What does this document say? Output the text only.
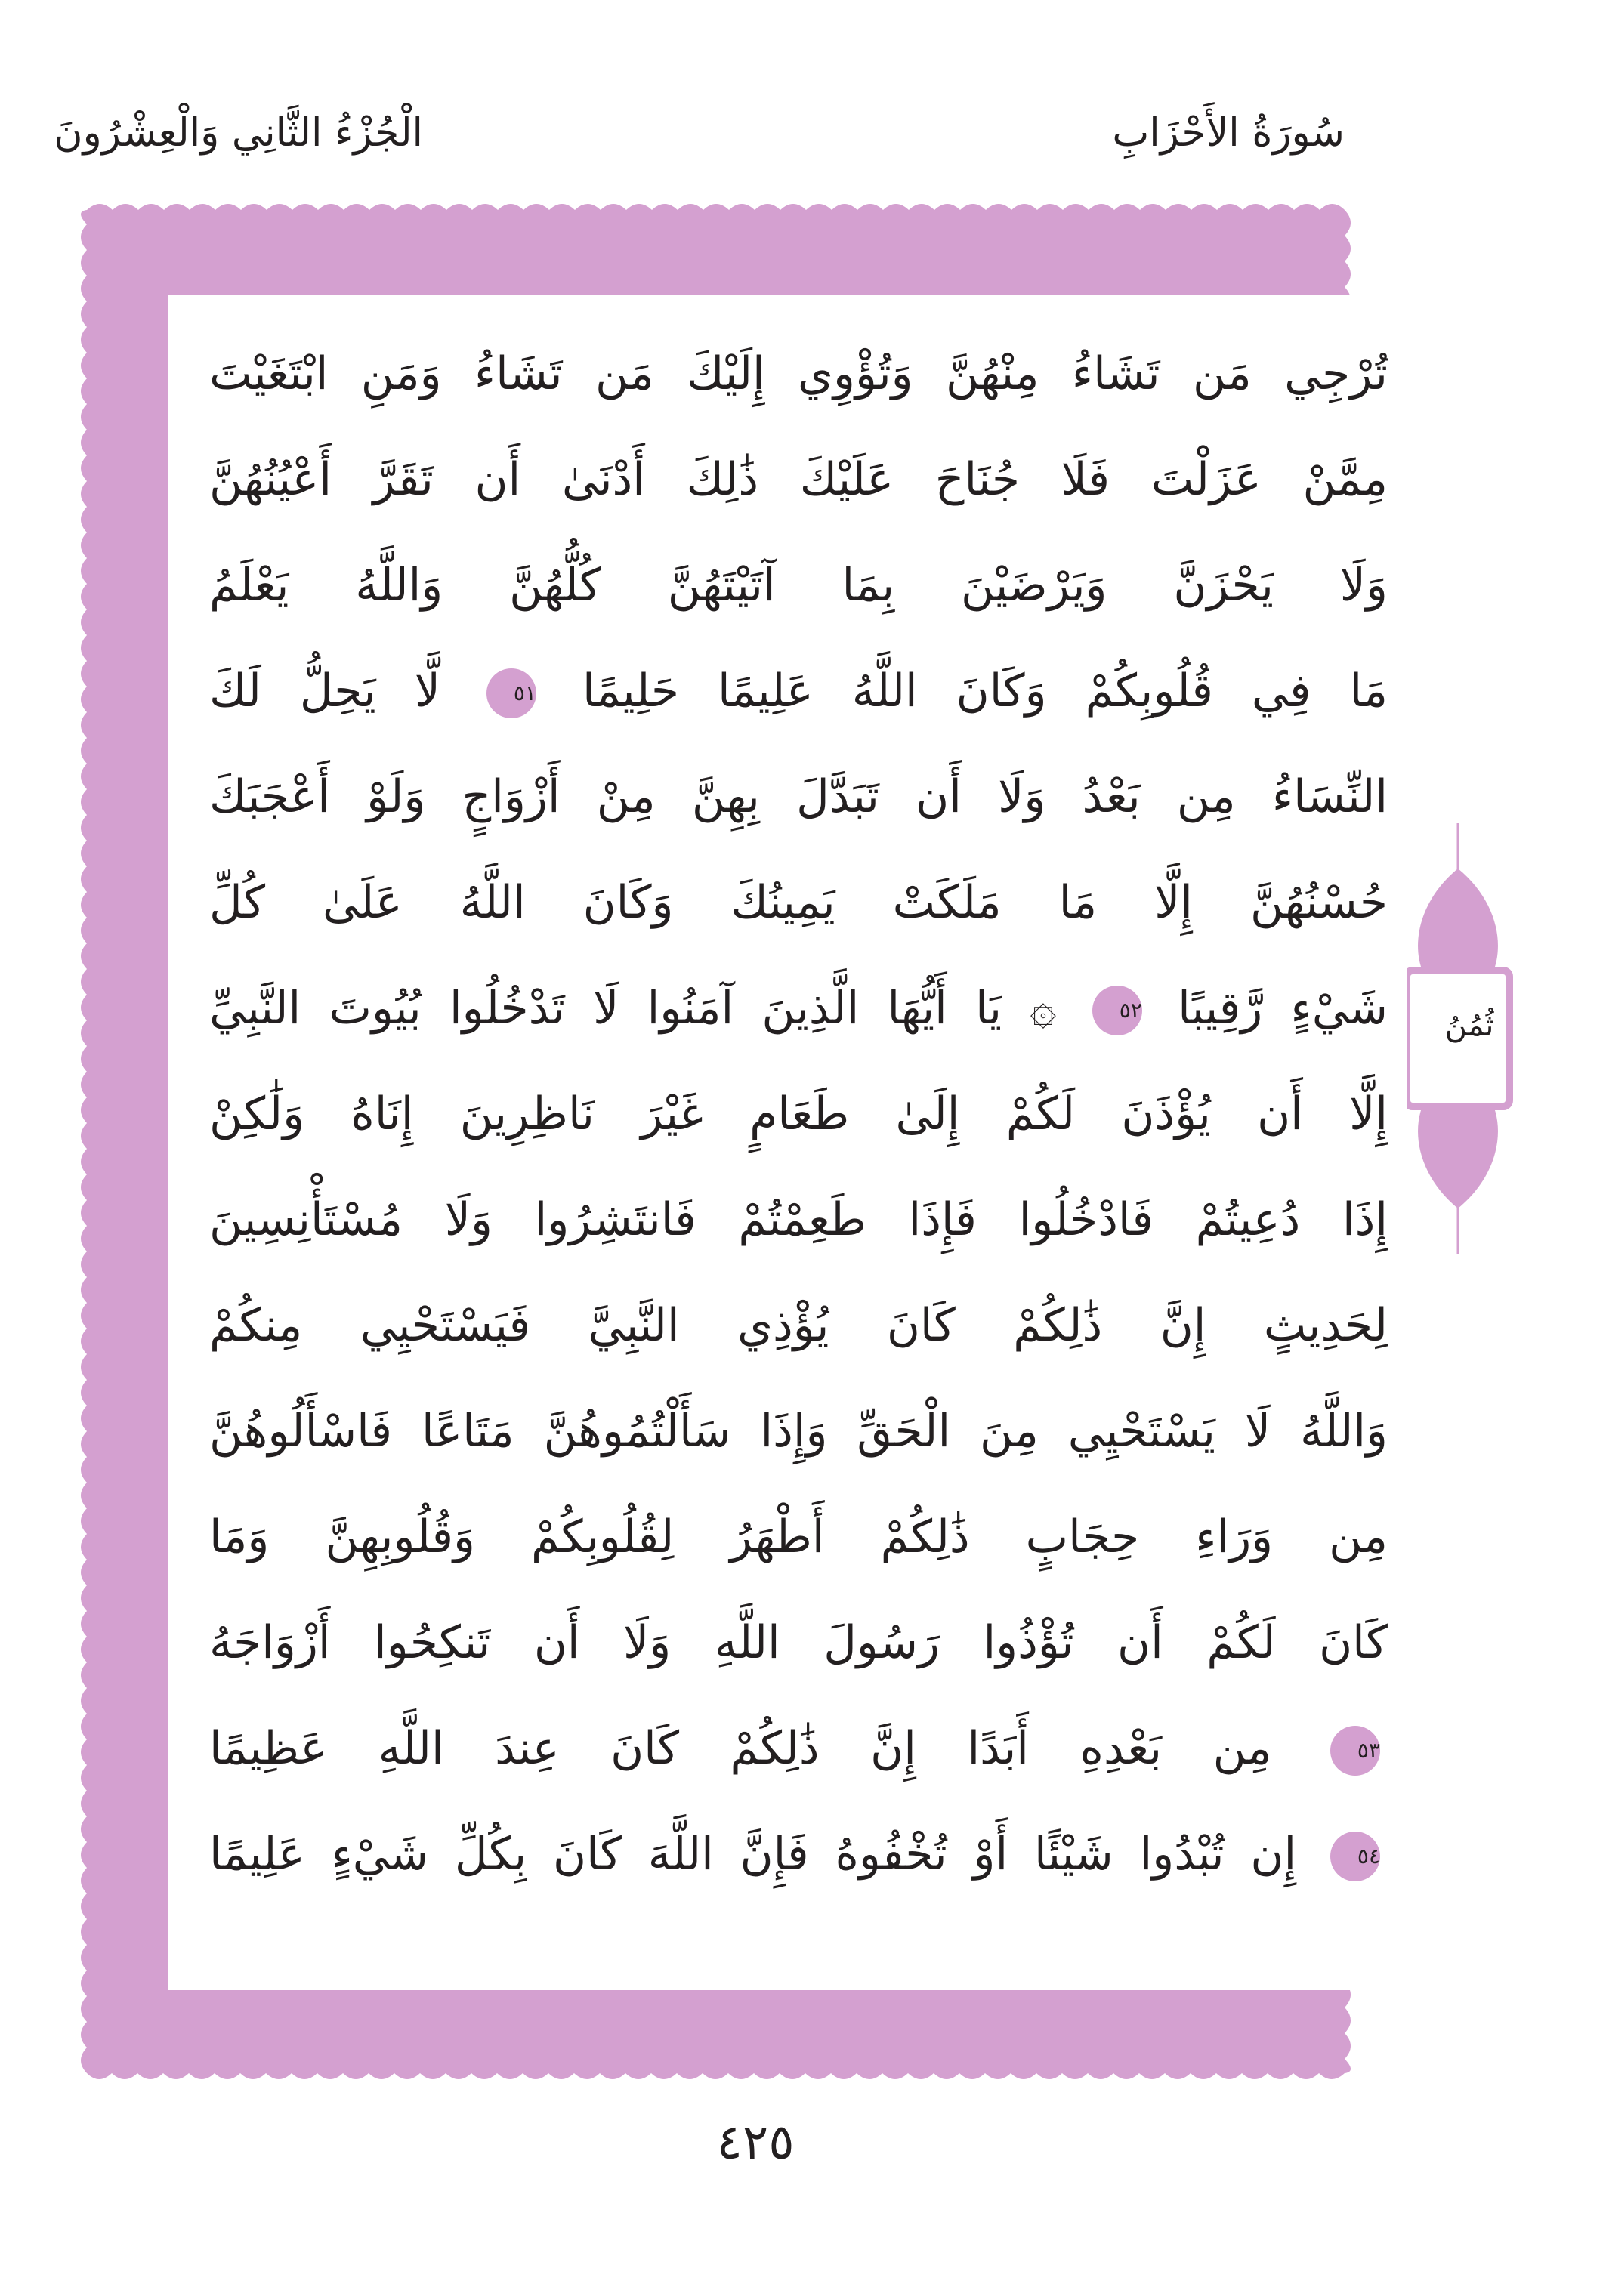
سُورَةُ الأَحْزَابِ
الْجُزْءُ الثَّانِي وَالْعِشْرُونَ
تُرْجِي مَن تَشَاءُ مِنْهُنَّ وَتُؤْوِي إِلَيْكَ مَن تَشَاءُ وَمَنِ ابْتَغَيْتَ
مِمَّنْ عَزَلْتَ فَلَا جُنَاحَ عَلَيْكَ ذَٰلِكَ أَدْنَىٰ أَن تَقَرَّ أَعْيُنُهُنَّ
وَلَا يَحْزَنَّ وَيَرْضَيْنَ بِمَا آتَيْتَهُنَّ كُلُّهُنَّ وَاللَّهُ يَعْلَمُ
مَا فِي قُلُوبِكُمْ وَكَانَ اللَّهُ عَلِيمًا حَلِيمًا ٥١ لَّا يَحِلُّ لَكَ
النِّسَاءُ مِن بَعْدُ وَلَا أَن تَبَدَّلَ بِهِنَّ مِنْ أَزْوَاجٍ وَلَوْ أَعْجَبَكَ
حُسْنُهُنَّ إِلَّا مَا مَلَكَتْ يَمِينُكَ وَكَانَ اللَّهُ عَلَىٰ كُلِّ
شَيْءٍ رَّقِيبًا ٥٢ ۞ يَا أَيُّهَا الَّذِينَ آمَنُوا لَا تَدْخُلُوا بُيُوتَ النَّبِيِّ
إِلَّا أَن يُؤْذَنَ لَكُمْ إِلَىٰ طَعَامٍ غَيْرَ نَاظِرِينَ إِنَاهُ وَلَٰكِنْ
إِذَا دُعِيتُمْ فَادْخُلُوا فَإِذَا طَعِمْتُمْ فَانتَشِرُوا وَلَا مُسْتَأْنِسِينَ
لِحَدِيثٍ إِنَّ ذَٰلِكُمْ كَانَ يُؤْذِي النَّبِيَّ فَيَسْتَحْيِي مِنكُمْ
وَاللَّهُ لَا يَسْتَحْيِي مِنَ الْحَقِّ وَإِذَا سَأَلْتُمُوهُنَّ مَتَاعًا فَاسْأَلُوهُنَّ
مِن وَرَاءِ حِجَابٍ ذَٰلِكُمْ أَطْهَرُ لِقُلُوبِكُمْ وَقُلُوبِهِنَّ وَمَا
كَانَ لَكُمْ أَن تُؤْذُوا رَسُولَ اللَّهِ وَلَا أَن تَنكِحُوا أَزْوَاجَهُ
٥٣ مِن بَعْدِهِ أَبَدًا إِنَّ ذَٰلِكُمْ كَانَ عِندَ اللَّهِ عَظِيمًا
٥٤ إِن تُبْدُوا شَيْئًا أَوْ تُخْفُوهُ فَإِنَّ اللَّهَ كَانَ بِكُلِّ شَيْءٍ عَلِيمًا
ثُمُنُ
٤٢٥
